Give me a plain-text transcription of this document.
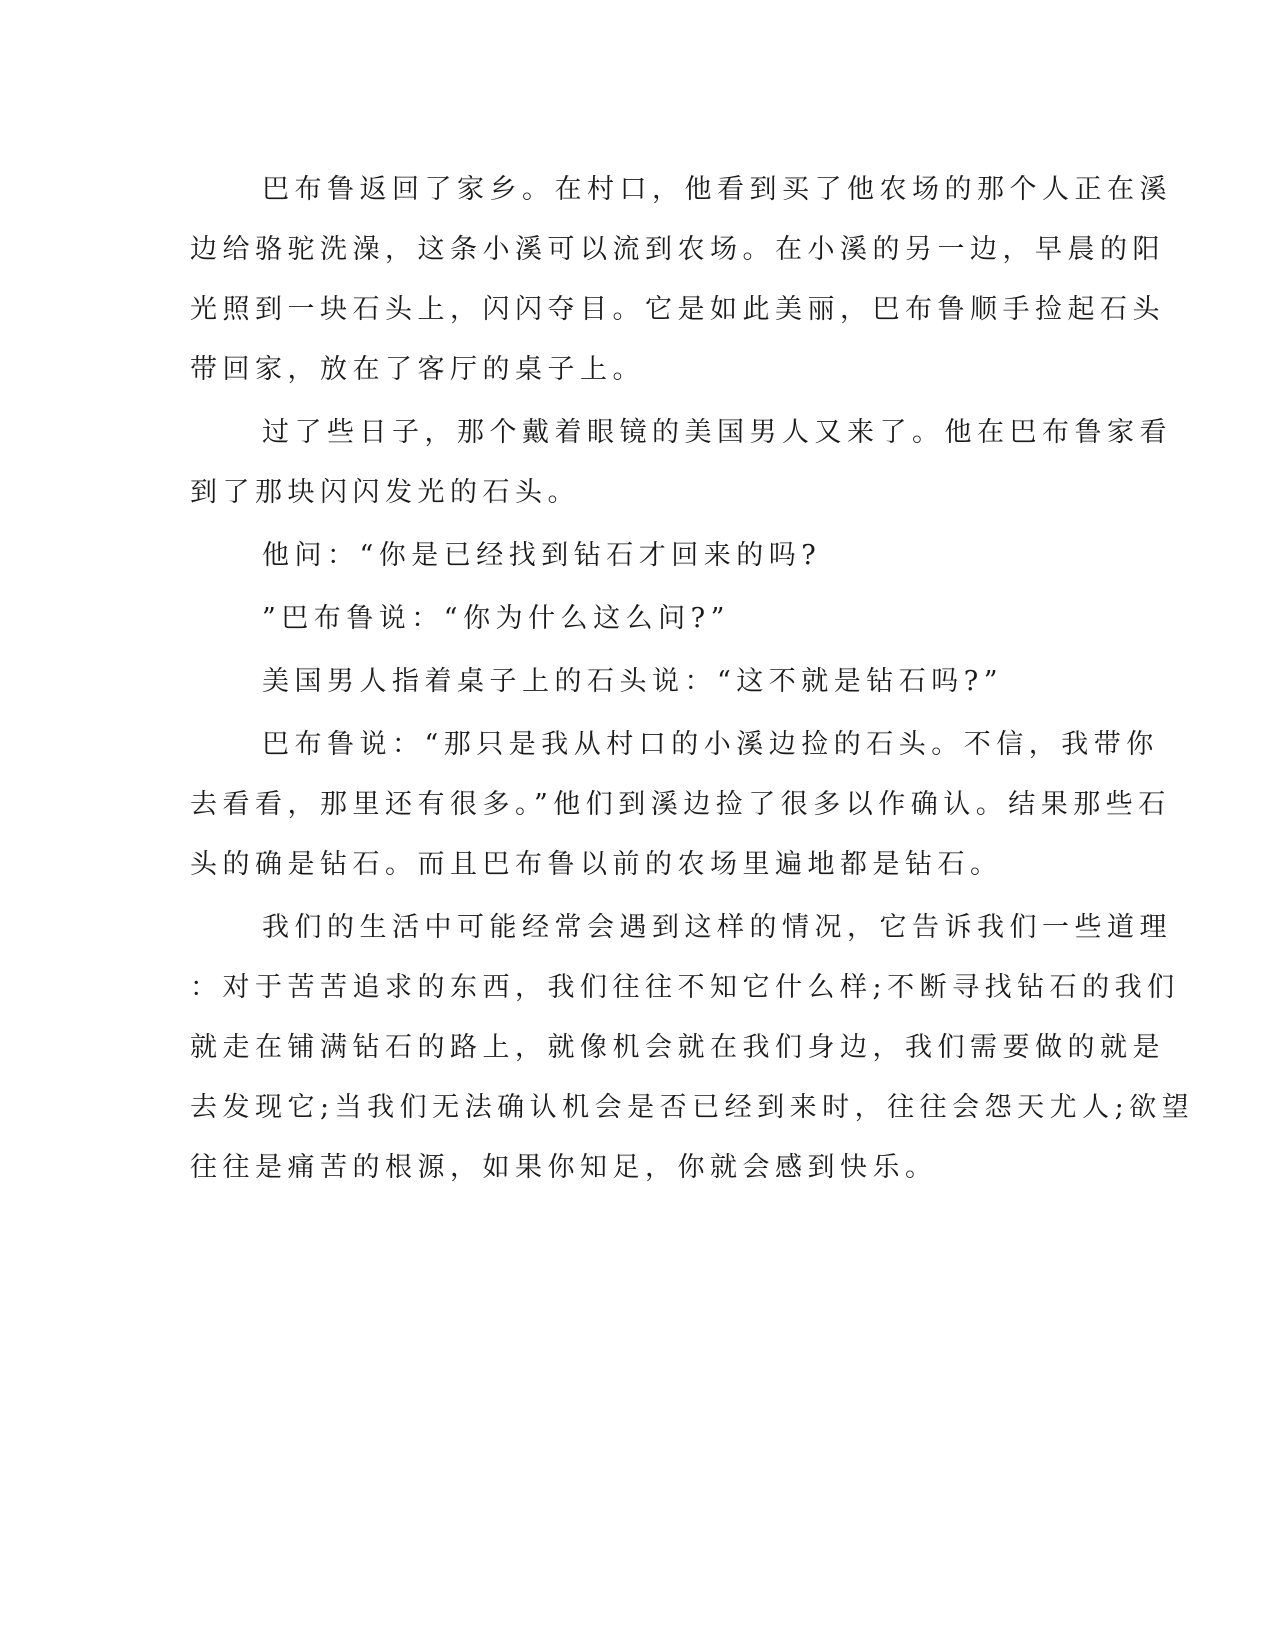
巴布鲁返回了家乡。在村口，他看到买了他农场的那个人正在溪
边给骆驼洗澡，这条小溪可以流到农场。在小溪的另一边，早晨的阳
光照到一块石头上，闪闪夺目。它是如此美丽，巴布鲁顺手捡起石头
带回家，放在了客厅的桌子上。

过了些日子，那个戴着眼镜的美国男人又来了。他在巴布鲁家看
到了那块闪闪发光的石头。

他问：“你是已经找到钻石才回来的吗?

”巴布鲁说：“你为什么这么问?”

美国男人指着桌子上的石头说：“这不就是钻石吗?”

巴布鲁说：“那只是我从村口的小溪边捡的石头。不信，我带你
去看看，那里还有很多。”他们到溪边捡了很多以作确认。结果那些石
头的确是钻石。而且巴布鲁以前的农场里遍地都是钻石。

我们的生活中可能经常会遇到这样的情况，它告诉我们一些道理
：对于苦苦追求的东西，我们往往不知它什么样;不断寻找钻石的我们
就走在铺满钻石的路上，就像机会就在我们身边，我们需要做的就是
去发现它;当我们无法确认机会是否已经到来时，往往会怨天尤人;欲望
往往是痛苦的根源，如果你知足，你就会感到快乐。
